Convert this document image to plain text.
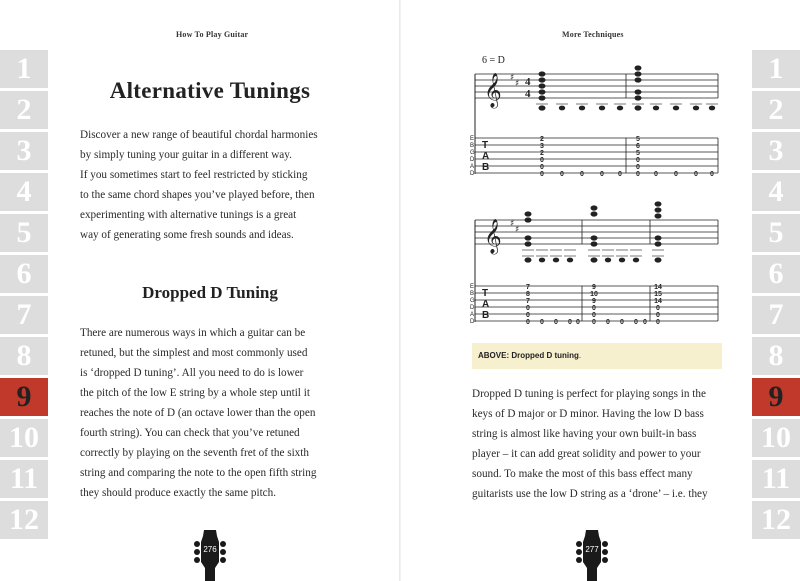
1
2
3
4
5
6
7
8
9
10
11
12
1
2
3
4
5
6
7
8
9
10
11
12
How To Play Guitar
Alternative Tunings

Discover a new range of beautiful chordal harmonies

by simply tuning your guitar in a different way.

If you sometimes start to feel restricted by sticking

to the same chord shapes you’ve played before, then

experimenting with alternative tunings is a great

way of generating some fresh sounds and ideas.

Dropped D Tuning

There are numerous ways in which a guitar can be

retuned, but the simplest and most commonly used

is ‘dropped D tuning’. All you need to do is lower

the pitch of the low E string by a whole step until it

reaches the note of D (an octave lower than the open

fourth string). You can check that you’ve retuned

correctly by playing on the seventh fret of the sixth

string and comparing the note to the open fifth string

they should produce exactly the same pitch.

276
More Techniques
6 = D
𝄞 ♯
♯ 4
4
E
B
G
D
A
D
T
A
B
2
3
2
0
0
0 0 0 0 0
5
6
5
0
0
0 0 0 0 0
𝄞 ♯
♯
E
B
G
D
A
D
T
A
B
7
8
7
0
0
0 0 0 0 0
9
10
9
0
0
0 0 0 0 0
14
15
14
0
0
0
ABOVE: Dropped D tuning.

Dropped D tuning is perfect for playing songs in the

keys of D major or D minor. Having the low D bass

string is almost like having your own built-in bass

player – it can add great solidity and power to your

sound. To make the most of this bass effect many

guitarists use the low D string as a ‘drone’ – i.e. they

277
